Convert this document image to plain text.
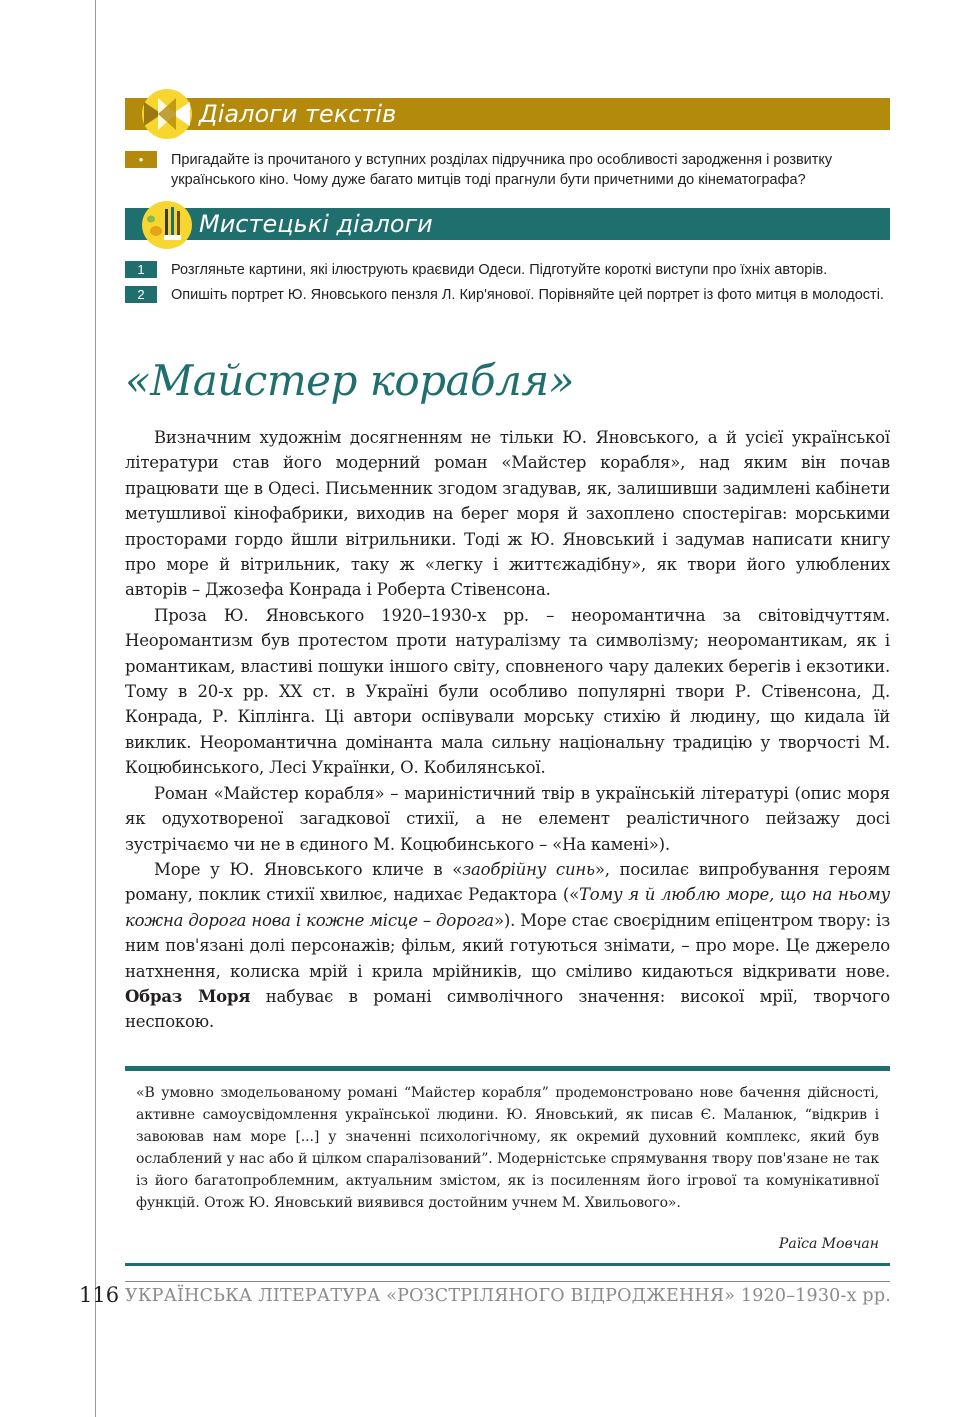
Діалоги текстів
•	Пригадайте із прочитаного у вступних розділах підручника про особливості зародження і розвитку українського кіно. Чому дуже багато митців тоді прагнули бути причетними до кінематографа?
Мистецькі діалоги
1	Розгляньте картини, які ілюструють краєвиди Одеси. Підготуйте короткі виступи про їхніх авторів.
2	Опишіть портрет Ю. Яновського пензля Л. Кир'янової. Порівняйте цей портрет із фото митця в молодості.
«Майстер корабля»

Визначним художнім досягненням не тільки Ю. Яновського, а й усієї української літератури став його модерний роман «Майстер корабля», над яким він почав працювати ще в Одесі. Письменник згодом згадував, як, залишивши задимлені кабінети метушливої кінофабрики, виходив на берег моря й захоплено спостерігав: морськими просторами гордо йшли вітрильники. Тоді ж Ю. Яновський і задумав написати книгу про море й вітрильник, таку ж «легку і життєжадібну», як твори його улюблених авторів – Джозефа Конрада і Роберта Стівенсона.

Проза Ю. Яновського 1920–1930-х рр. – неоромантична за світовідчуттям. Неоромантизм був протестом проти натуралізму та символізму; неоромантикам, як і романтикам, властиві пошуки іншого світу, сповненого чару далеких берегів і екзотики. Тому в 20-х рр. XX ст. в Україні були особливо популярні твори Р. Стівенсона, Д. Конрада, Р. Кіплінга. Ці автори оспівували морську стихію й людину, що кидала їй виклик. Неоромантична домінанта мала сильну національну традицію у творчості М. Коцюбинського, Лесі Українки, О. Кобилянської.

Роман «Майстер корабля» – мариністичний твір в українській літературі (опис моря як одухотвореної загадкової стихії, а не елемент реалістичного пейзажу досі зустрічаємо чи не в єдиного М. Коцюбинського – «На камені»).

Море у Ю. Яновського кличе в «заобрійну синь», посилає випробування героям роману, поклик стихії хвилює, надихає Редактора («Тому я й люблю море, що на ньому кожна дорога нова і кожне місце – дорога»). Море стає своєрідним епіцентром твору: із ним пов'язані долі персонажів; фільм, який готуються знімати, – про море. Це джерело натхнення, колиска мрій і крила мрійників, що сміливо кидаються відкривати нове. Образ Моря набуває в романі символічного значення: високої мрії, творчого неспокою.

«В умовно змодельованому романі “Майстер корабля” продемонстровано нове бачення дійсності, активне самоусвідомлення української людини. Ю. Яновський, як писав Є. Маланюк, “відкрив і завоював нам море [...] у значенні психологічному, як окремий духовний комплекс, який був ослаблений у нас або й цілком спаралізований”. Модерністське спрямування твору пов'язане не так із його багатопроблемним, актуальним змістом, як із посиленням його ігрової та комунікативної функцій. Отож Ю. Яновський виявився достойним учнем М. Хвильового».
Раїса Мовчан
116 УКРАЇНСЬКА ЛІТЕРАТУРА «РОЗСТРІЛЯНОГО ВІДРОДЖЕННЯ» 1920–1930-х рр.
